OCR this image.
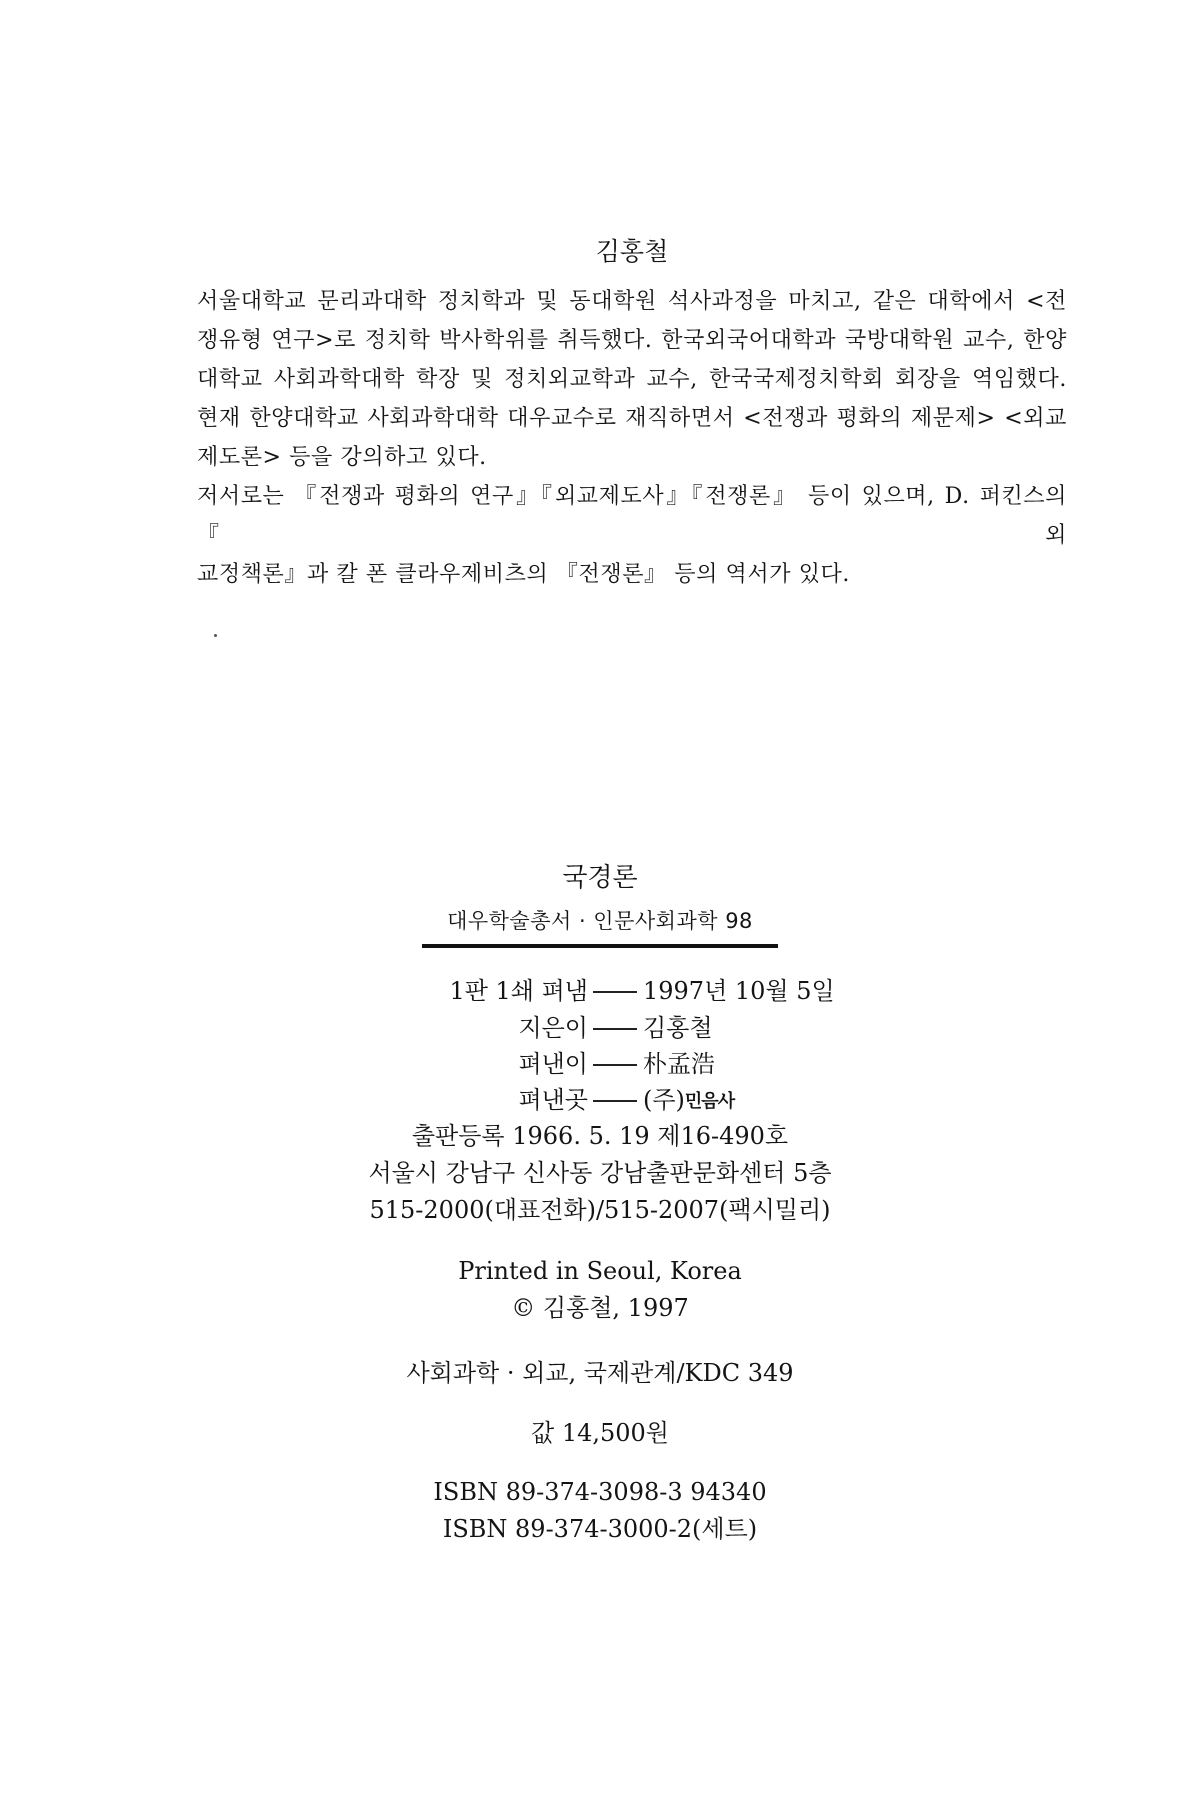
김홍철
서울대학교 문리과대학 정치학과 및 동대학원 석사과정을 마치고, 같은 대학에서 <전
쟁유형 연구>로 정치학 박사학위를 취득했다. 한국외국어대학과 국방대학원 교수, 한양
대학교 사회과학대학 학장 및 정치외교학과 교수, 한국국제정치학회 회장을 역임했다.
현재 한양대학교 사회과학대학 대우교수로 재직하면서 <전쟁과 평화의 제문제> <외교
제도론> 등을 강의하고 있다.
저서로는 『전쟁과 평화의 연구』『외교제도사』『전쟁론』 등이 있으며, D. 퍼킨스의 『외
교정책론』과 칼 폰 클라우제비츠의 『전쟁론』 등의 역서가 있다.
국경론
대우학술총서 · 인문사회과학 98
1판 1쇄 펴냄 1997년 10월 5일
지은이 김홍철
펴낸이 朴孟浩
펴낸곳 (주)민음사
출판등록 1966. 5. 19 제16-490호
서울시 강남구 신사동 강남출판문화센터 5층
515-2000(대표전화)/515-2007(팩시밀리)
Printed in Seoul, Korea
© 김홍철, 1997
사회과학 · 외교, 국제관계/KDC 349
값 14,500원
ISBN 89-374-3098-3 94340
ISBN 89-374-3000-2(세트)
